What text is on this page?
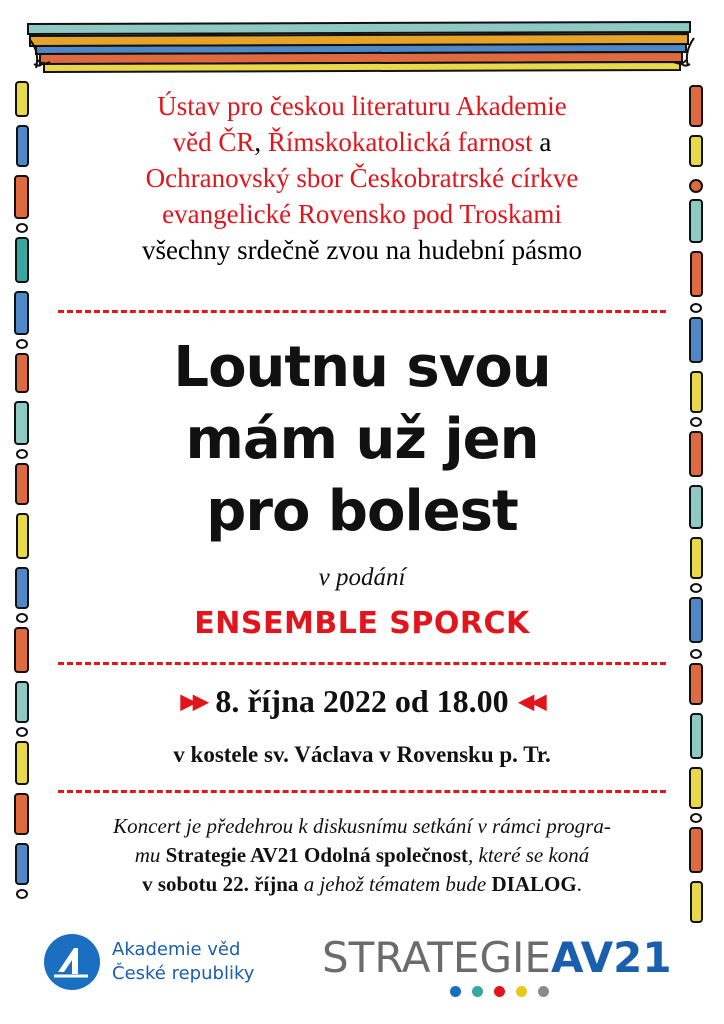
Ústav pro českou literaturu Akademie
věd ČR, Římskokatolická farnost a
Ochranovský sbor Českobratrské církve
evangelické Rovensko pod Troskami
všechny srdečně zvou na hudební pásmo
Loutnu svou
mám už jen
pro bolest
v podání
ENSEMBLE SPORCK
▶▶ 8. října 2022 od 18.00 ◀◀
v kostele sv. Václava v Rovensku p. Tr.
Koncert je předehrou k diskusnímu setkání v rámci progra-
mu Strategie AV21 Odolná společnost, které se koná
v sobotu 22. října a jehož tématem bude DIALOG.
Akademie věd
České republiky STRATEGIEAV21
